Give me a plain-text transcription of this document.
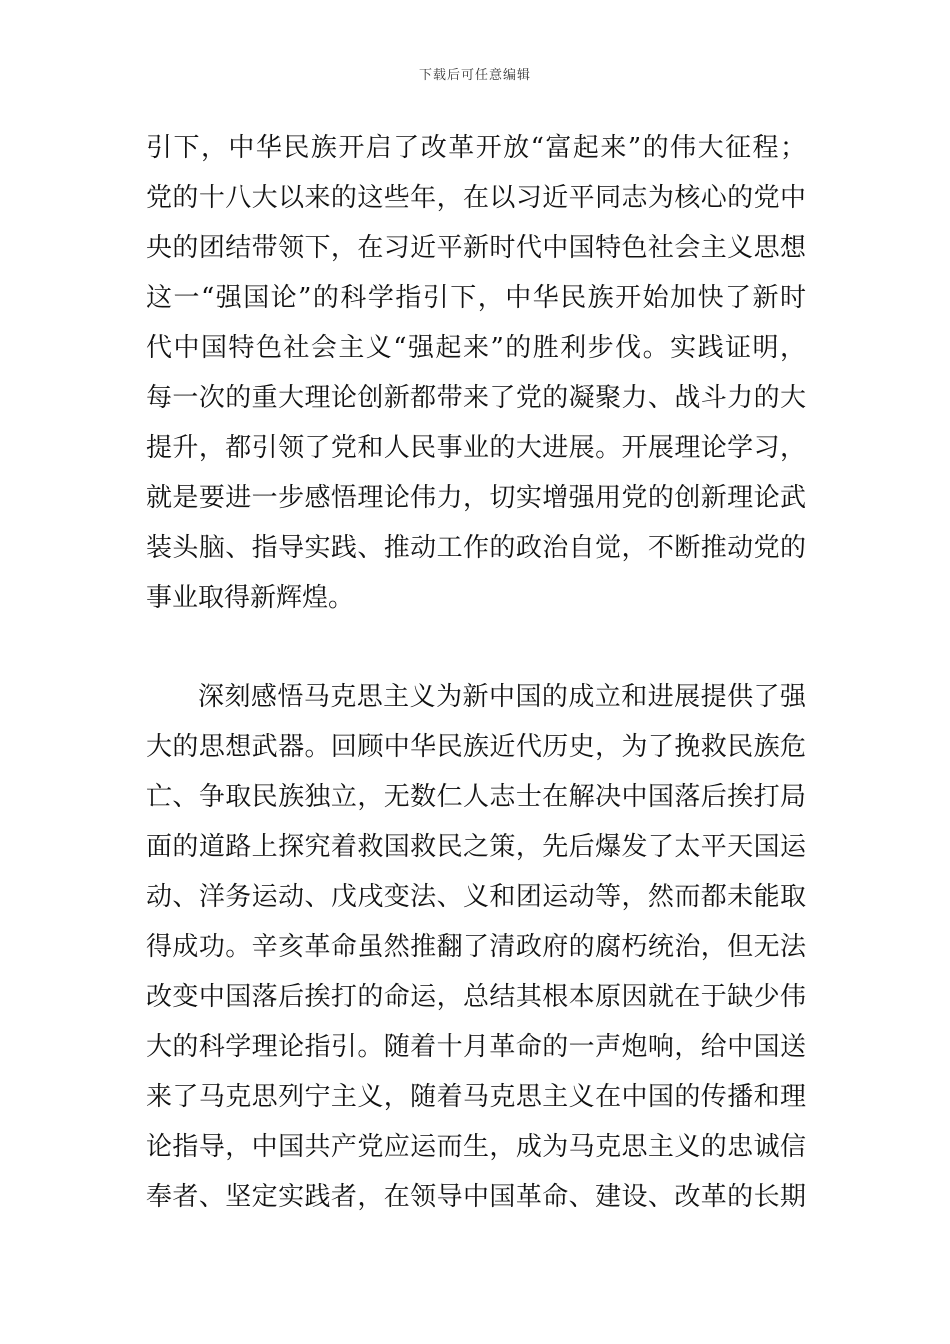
下载后可任意编辑
引下，中华民族开启了改革开放“富起来”的伟大征程；
党的十八大以来的这些年，在以习近平同志为核心的党中
央的团结带领下，在习近平新时代中国特色社会主义思想
这一“强国论”的科学指引下，中华民族开始加快了新时
代中国特色社会主义“强起来”的胜利步伐。实践证明，
每一次的重大理论创新都带来了党的凝聚力、战斗力的大
提升，都引领了党和人民事业的大进展。开展理论学习，
就是要进一步感悟理论伟力，切实增强用党的创新理论武
装头脑、指导实践、推动工作的政治自觉，不断推动党的
事业取得新辉煌。
深刻感悟马克思主义为新中国的成立和进展提供了强
大的思想武器。回顾中华民族近代历史，为了挽救民族危
亡、争取民族独立，无数仁人志士在解决中国落后挨打局
面的道路上探究着救国救民之策，先后爆发了太平天国运
动、洋务运动、戊戌变法、义和团运动等，然而都未能取
得成功。辛亥革命虽然推翻了清政府的腐朽统治，但无法
改变中国落后挨打的命运，总结其根本原因就在于缺少伟
大的科学理论指引。随着十月革命的一声炮响，给中国送
来了马克思列宁主义，随着马克思主义在中国的传播和理
论指导，中国共产党应运而生，成为马克思主义的忠诚信
奉者、坚定实践者，在领导中国革命、建设、改革的长期
